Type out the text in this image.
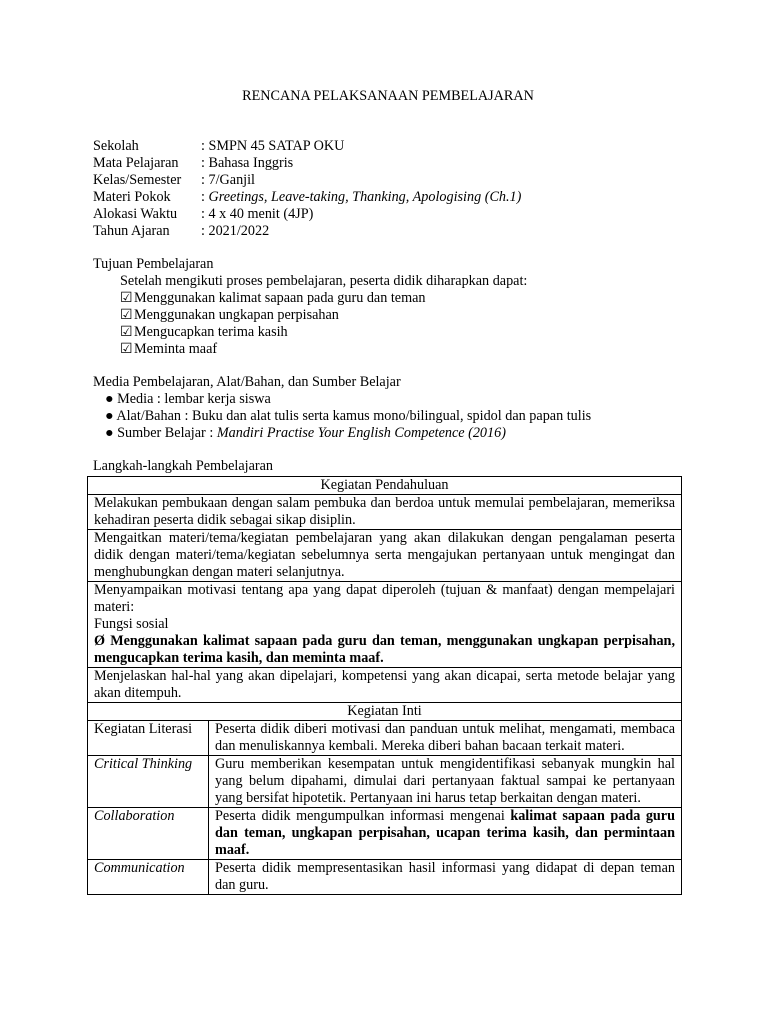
RENCANA PELAKSANAAN PEMBELAJARAN
Sekolah	: SMPN 45 SATAP OKU
Mata Pelajaran	: Bahasa Inggris
Kelas/Semester	: 7/Ganjil
Materi Pokok	: Greetings, Leave-taking, Thanking, Apologising (Ch.1)
Alokasi Waktu	: 4 x 40 menit (4JP)
Tahun Ajaran	: 2021/2022
Tujuan Pembelajaran
Setelah mengikuti proses pembelajaran, peserta didik diharapkan dapat:
☑ Menggunakan kalimat sapaan pada guru dan teman
☑ Menggunakan ungkapan perpisahan
☑ Mengucapkan terima kasih
☑ Meminta maaf
Media Pembelajaran, Alat/Bahan, dan Sumber Belajar
● Media : lembar kerja siswa
● Alat/Bahan : Buku dan alat tulis serta kamus mono/bilingual, spidol dan papan tulis
● Sumber Belajar : Mandiri Practise Your English Competence (2016)
Langkah-langkah Pembelajaran
Kegiatan Pendahuluan	
Melakukan pembukaan dengan salam pembuka dan berdoa untuk memulai pembelajaran, memeriksa kehadiran peserta didik sebagai sikap disiplin.	
Mengaitkan materi/tema/kegiatan pembelajaran yang akan dilakukan dengan pengalaman peserta didik dengan materi/tema/kegiatan sebelumnya serta mengajukan pertanyaan untuk mengingat dan menghubungkan dengan materi selanjutnya.	

Menyampaikan motivasi tentang apa yang dapat diperoleh (tujuan & manfaat) dengan mempelajari materi:
Fungsi sosial
Ø Menggunakan kalimat sapaan pada guru dan teman, menggunakan ungkapan perpisahan, mengucapkan terima kasih, dan meminta maaf.	

Menjelaskan hal-hal yang akan dipelajari, kompetensi yang akan dicapai, serta metode belajar yang akan ditempuh.	
Kegiatan Inti	
Kegiatan Literasi	Peserta didik diberi motivasi dan panduan untuk melihat, mengamati, membaca dan menuliskannya kembali. Mereka diberi bahan bacaan terkait materi.
Critical Thinking	Guru memberikan kesempatan untuk mengidentifikasi sebanyak mungkin hal yang belum dipahami, dimulai dari pertanyaan faktual sampai ke pertanyaan yang bersifat hipotetik. Pertanyaan ini harus tetap berkaitan dengan materi.
Collaboration	Peserta didik mengumpulkan informasi mengenai kalimat sapaan pada guru dan teman, ungkapan perpisahan, ucapan terima kasih, dan permintaan maaf.
Communication	Peserta didik mempresentasikan hasil informasi yang didapat di depan teman dan guru.
